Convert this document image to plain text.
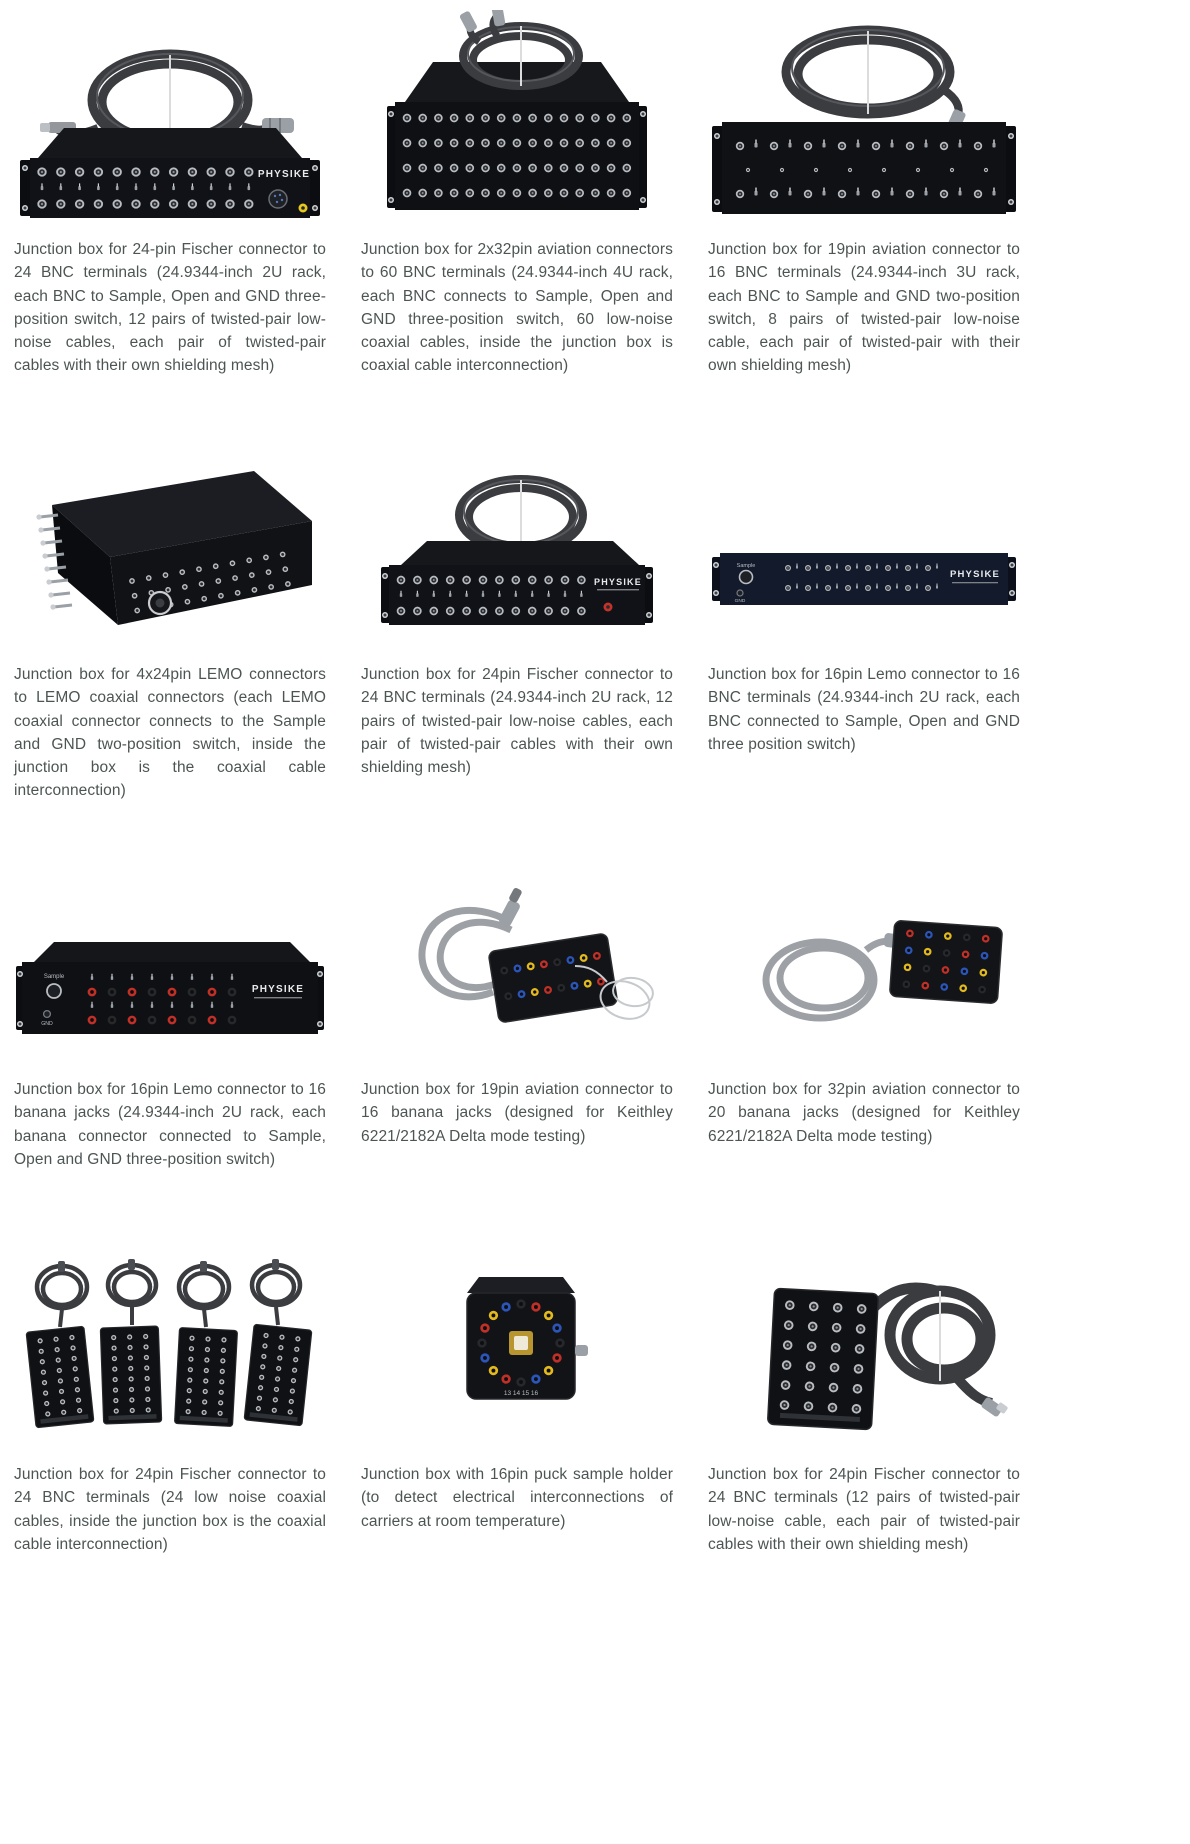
PHYSIKE

Junction box for 24-pin Fischer connector to 24 BNC terminals (24.9344-inch 2U rack, each BNC to Sample, Open and GND three-position switch, 12 pairs of twisted-pair low-noise cables, each pair of twisted-pair cables with their own shielding mesh)

Junction box for 2x32pin aviation connectors to 60 BNC terminals (24.9344-inch 4U rack, each BNC connects to Sample, Open and GND three-position switch, 60 low-noise coaxial cables, inside the junction box is coaxial cable interconnection)

Junction box for 19pin aviation connector to 16 BNC terminals (24.9344-inch 3U rack, each BNC to Sample and GND two-position switch, 8 pairs of twisted-pair low-noise cable, each pair of twisted-pair with their own shielding mesh)

Junction box for 4x24pin LEMO connectors to LEMO coaxial connectors (each LEMO coaxial connector connects to the Sample and GND two-position switch, inside the junction box is the coaxial cable interconnection)

PHYSIKE

Junction box for 24pin Fischer connector to 24 BNC terminals (24.9344-inch 2U rack, 12 pairs of twisted-pair low-noise cables, each pair of twisted-pair cables with their own shielding mesh)

Sample
GND
PHYSIKE

Junction box for 16pin Lemo connector to 16 BNC terminals (24.9344-inch 2U rack, each BNC connected to Sample, Open and GND three position switch)

Sample
GND
PHYSIKE

Junction box for 16pin Lemo connector to 16 banana jacks (24.9344-inch 2U rack, each banana connector connected to Sample, Open and GND three-position switch)

Junction box for 19pin aviation connector to 16 banana jacks (designed for Keithley 6221/2182A Delta mode testing)

Junction box for 32pin aviation connector to 20 banana jacks (designed for Keithley 6221/2182A Delta mode testing)

Junction box for 24pin Fischer connector to 24 BNC terminals (24 low noise coaxial cables, inside the junction box is the coaxial cable interconnection)

13 14 15 16

Junction box with 16pin puck sample holder (to detect electrical interconnections of carriers at room temperature)

Junction box for 24pin Fischer connector to 24 BNC terminals (12 pairs of twisted-pair low-noise cable, each pair of twisted-pair cables with their own shielding mesh)
